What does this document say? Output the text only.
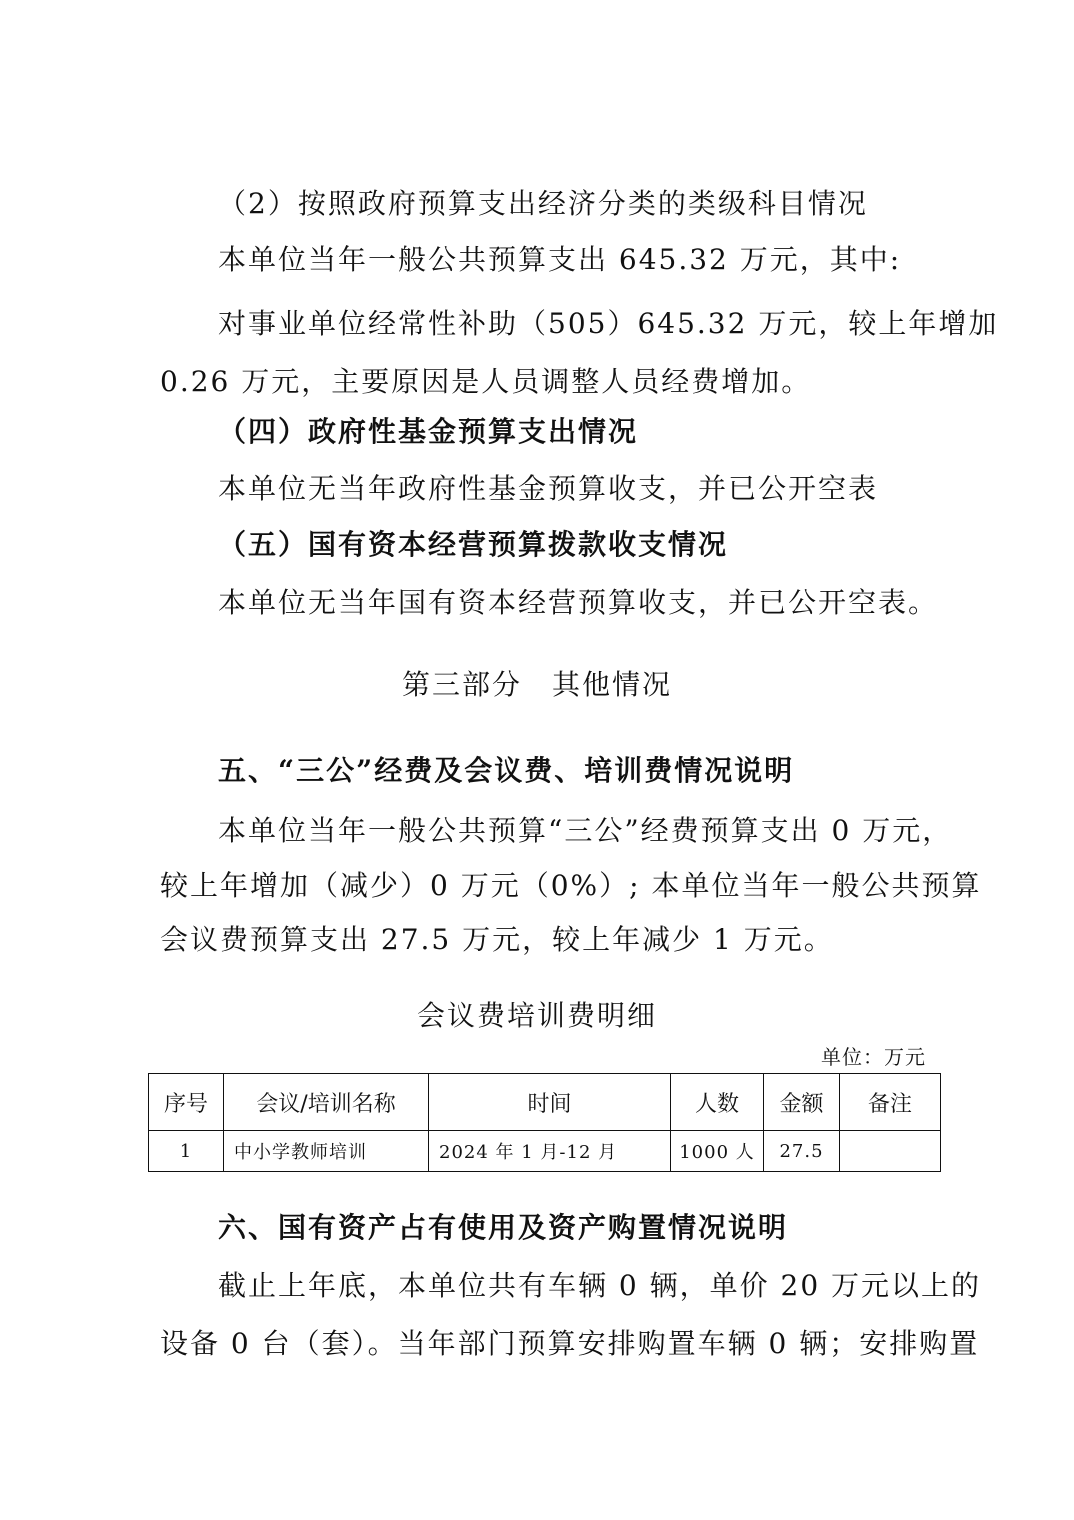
（2）按照政府预算支出经济分类的类级科目情况
本单位当年一般公共预算支出 645.32 万元，其中:
对事业单位经常性补助（505）645.32 万元，较上年增加
0.26 万元，主要原因是人员调整人员经费增加。
（四）政府性基金预算支出情况
本单位无当年政府性基金预算收支，并已公开空表
（五）国有资本经营预算拨款收支情况
本单位无当年国有资本经营预算收支，并已公开空表。
第三部分　其他情况
五、“三公”经费及会议费、培训费情况说明
本单位当年一般公共预算“三公”经费预算支出 0 万元，
较上年增加（减少）0 万元（0%）; 本单位当年一般公共预算
会议费预算支出 27.5 万元，较上年减少 1 万元。
会议费培训费明细
单位：万元
序号	会议/培训名称	时间	人数	金额	备注
1	中小学教师培训	2024 年 1 月-12 月	1000 人	27.5	
六、国有资产占有使用及资产购置情况说明
截止上年底，本单位共有车辆 0 辆，单价 20 万元以上的
设备 0 台（套）。当年部门预算安排购置车辆 0 辆；安排购置
